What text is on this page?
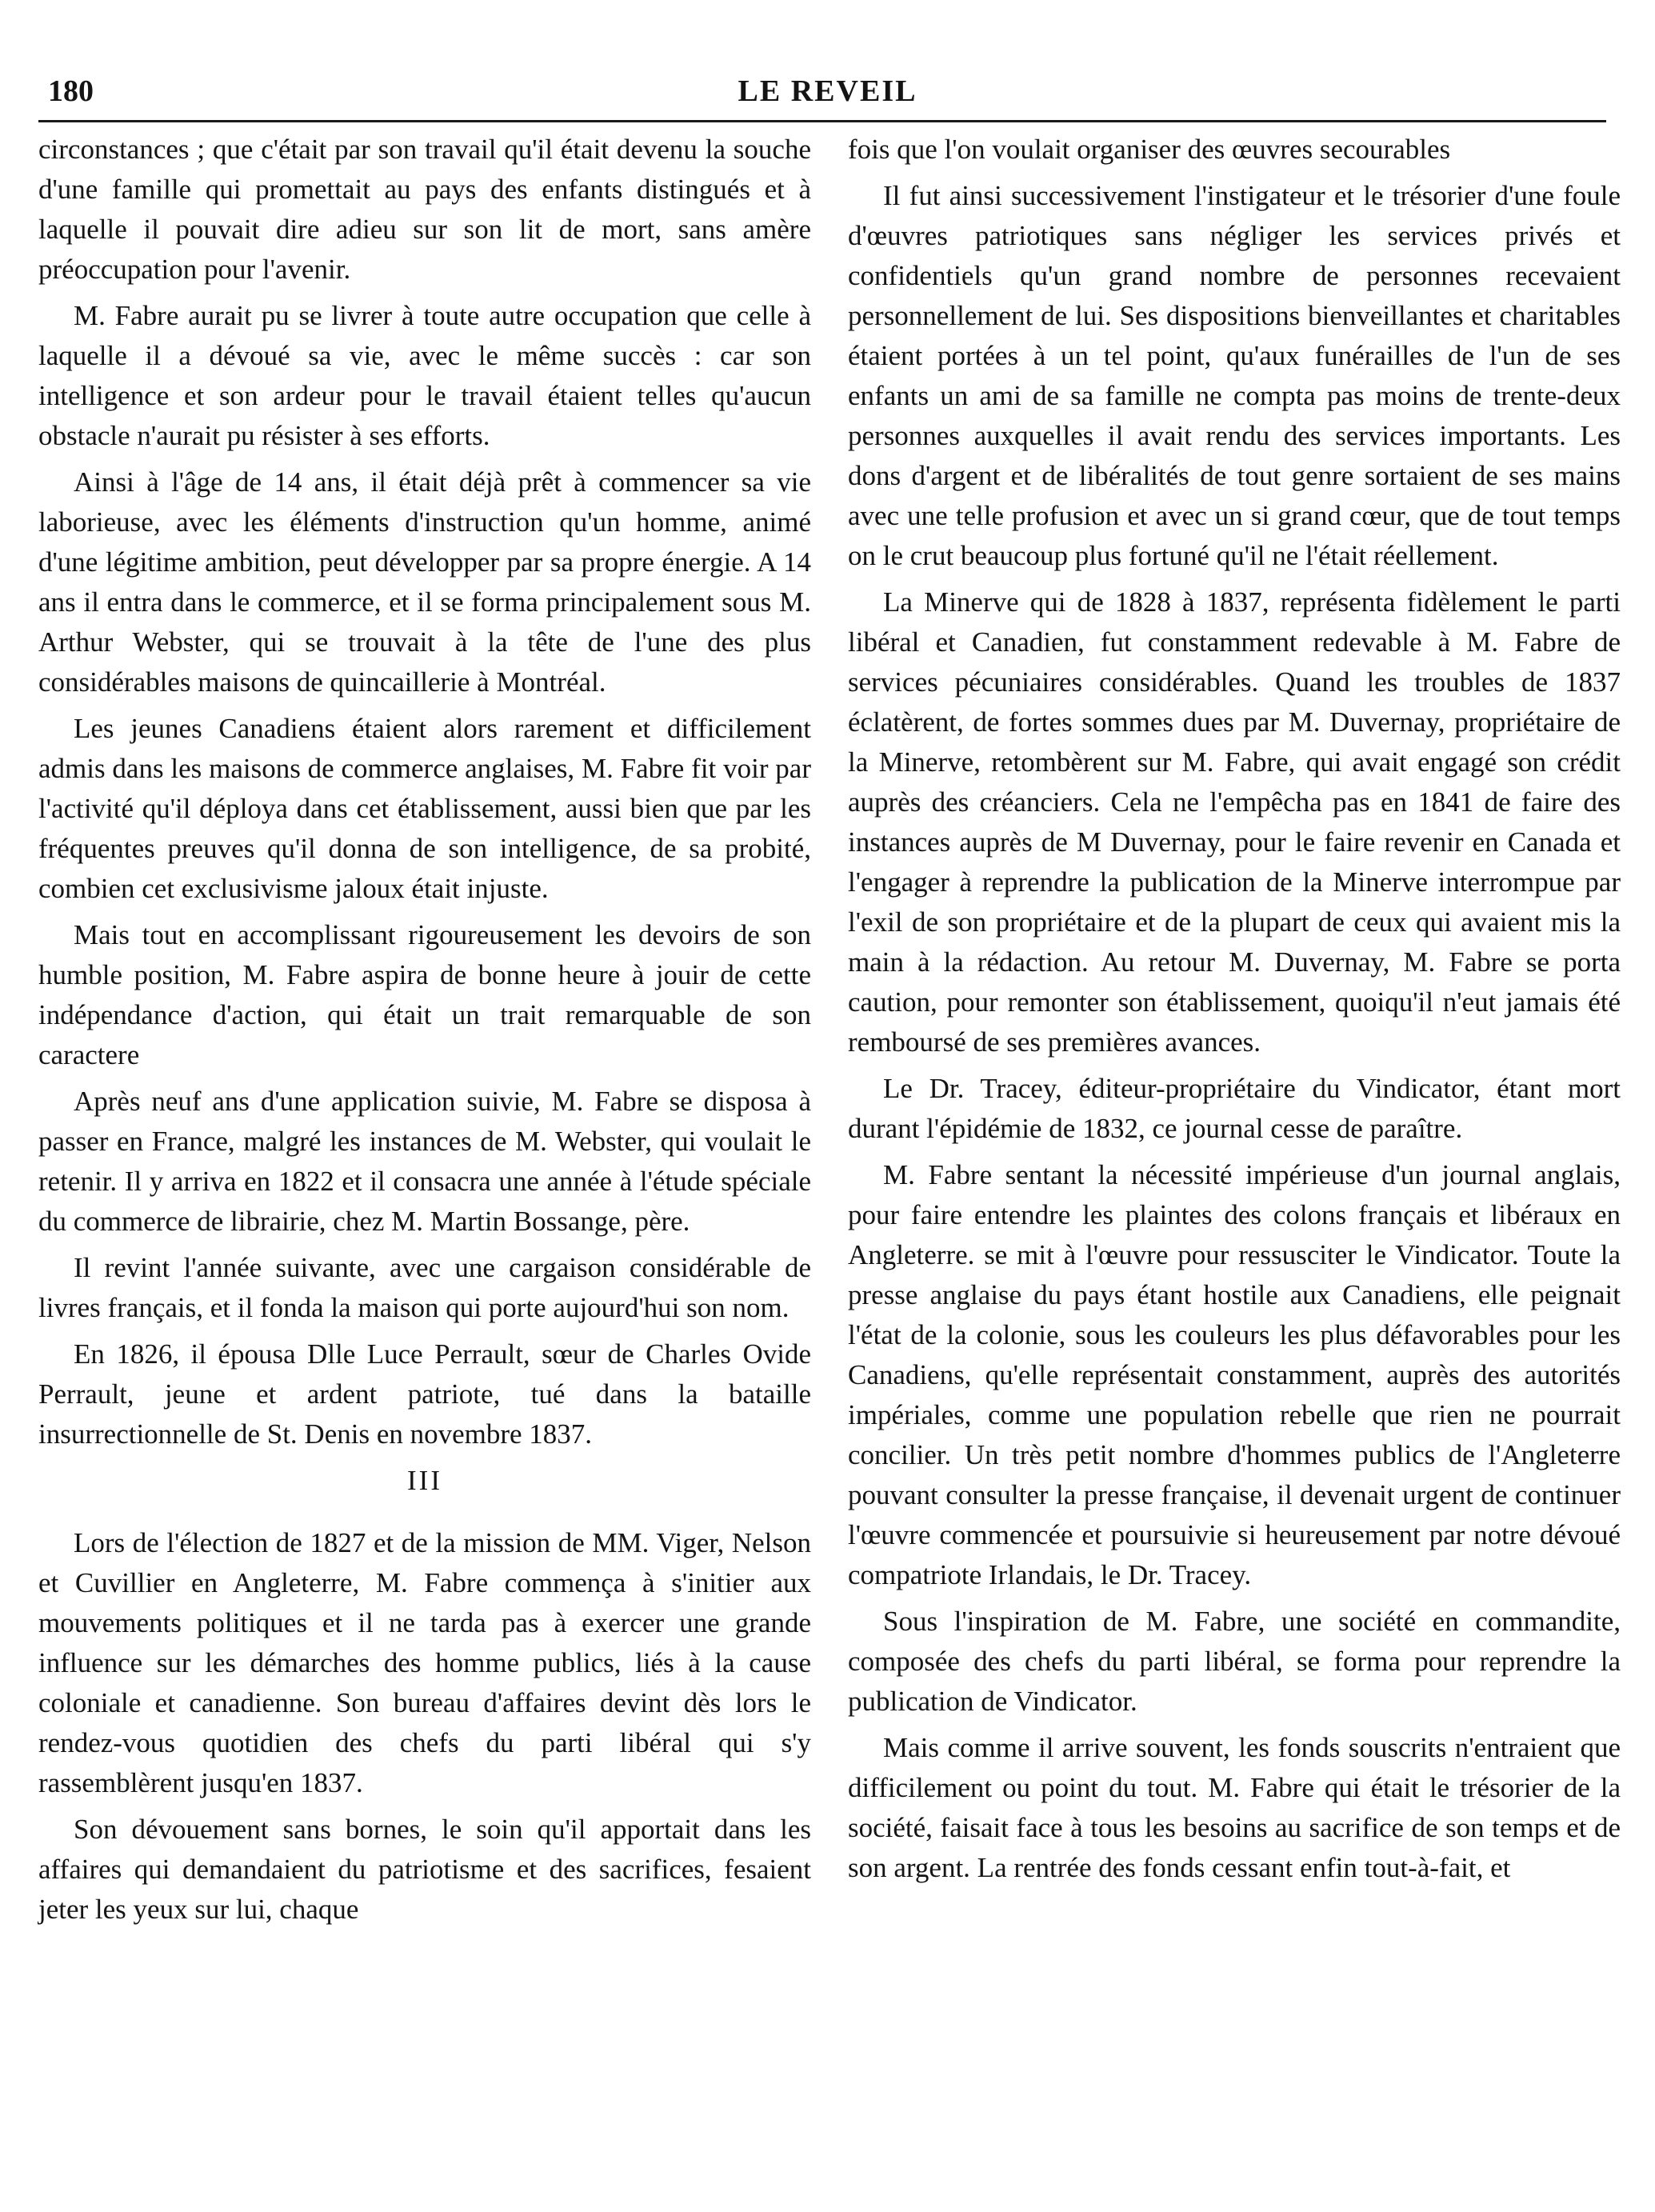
180	LE REVEIL

circonstances ; que c'était par son travail qu'il était devenu la souche d'une famille qui promettait au pays des enfants distingués et à laquelle il pouvait dire adieu sur son lit de mort, sans amère préoccupation pour l'avenir.

M. Fabre aurait pu se livrer à toute autre occupation que celle à laquelle il a dévoué sa vie, avec le même succès : car son intelligence et son ardeur pour le travail étaient telles qu'aucun obstacle n'aurait pu résister à ses efforts.

Ainsi à l'âge de 14 ans, il était déjà prêt à commencer sa vie laborieuse, avec les éléments d'instruction qu'un homme, animé d'une légitime ambition, peut développer par sa propre énergie. A 14 ans il entra dans le commerce, et il se forma principalement sous M. Arthur Webster, qui se trouvait à la tête de l'une des plus considérables maisons de quincaillerie à Montréal.

Les jeunes Canadiens étaient alors rarement et difficilement admis dans les maisons de commerce anglaises, M. Fabre fit voir par l'activité qu'il déploya dans cet établissement, aussi bien que par les fréquentes preuves qu'il donna de son intelligence, de sa probité, combien cet exclusivisme jaloux était injuste.

Mais tout en accomplissant rigoureusement les devoirs de son humble position, M. Fabre aspira de bonne heure à jouir de cette indépendance d'action, qui était un trait remarquable de son caractere

Après neuf ans d'une application suivie, M. Fabre se disposa à passer en France, malgré les instances de M. Webster, qui voulait le retenir. Il y arriva en 1822 et il consacra une année à l'étude spéciale du commerce de librairie, chez M. Martin Bossange, père.

Il revint l'année suivante, avec une cargaison considérable de livres français, et il fonda la maison qui porte aujourd'hui son nom.

En 1826, il épousa Dlle Luce Perrault, sœur de Charles Ovide Perrault, jeune et ardent patriote, tué dans la bataille insurrectionnelle de St. Denis en novembre 1837.

III

Lors de l'élection de 1827 et de la mission de MM. Viger, Nelson et Cuvillier en Angleterre, M. Fabre commença à s'initier aux mouvements politiques et il ne tarda pas à exercer une grande influence sur les démarches des homme publics, liés à la cause coloniale et canadienne. Son bureau d'affaires devint dès lors le rendez-vous quotidien des chefs du parti libéral qui s'y rassemblèrent jusqu'en 1837.

Son dévouement sans bornes, le soin qu'il apportait dans les affaires qui demandaient du patriotisme et des sacrifices, fesaient jeter les yeux sur lui, chaque

fois que l'on voulait organiser des œuvres secourables

Il fut ainsi successivement l'instigateur et le trésorier d'une foule d'œuvres patriotiques sans négliger les services privés et confidentiels qu'un grand nombre de personnes recevaient personnellement de lui. Ses dispositions bienveillantes et charitables étaient portées à un tel point, qu'aux funérailles de l'un de ses enfants un ami de sa famille ne compta pas moins de trente-deux personnes auxquelles il avait rendu des services importants. Les dons d'argent et de libéralités de tout genre sortaient de ses mains avec une telle profusion et avec un si grand cœur, que de tout temps on le crut beaucoup plus fortuné qu'il ne l'était réellement.

La Minerve qui de 1828 à 1837, représenta fidèlement le parti libéral et Canadien, fut constamment redevable à M. Fabre de services pécuniaires considérables. Quand les troubles de 1837 éclatèrent, de fortes sommes dues par M. Duvernay, propriétaire de la Minerve, retombèrent sur M. Fabre, qui avait engagé son crédit auprès des créanciers. Cela ne l'empêcha pas en 1841 de faire des instances auprès de M Duvernay, pour le faire revenir en Canada et l'engager à reprendre la publication de la Minerve interrompue par l'exil de son propriétaire et de la plupart de ceux qui avaient mis la main à la rédaction. Au retour M. Duvernay, M. Fabre se porta caution, pour remonter son établissement, quoiqu'il n'eut jamais été remboursé de ses premières avances.

Le Dr. Tracey, éditeur-propriétaire du Vindicator, étant mort durant l'épidémie de 1832, ce journal cesse de paraître.

M. Fabre sentant la nécessité impérieuse d'un journal anglais, pour faire entendre les plaintes des colons français et libéraux en Angleterre. se mit à l'œuvre pour ressusciter le Vindicator. Toute la presse anglaise du pays étant hostile aux Canadiens, elle peignait l'état de la colonie, sous les couleurs les plus défavorables pour les Canadiens, qu'elle représentait constamment, auprès des autorités impériales, comme une population rebelle que rien ne pourrait concilier. Un très petit nombre d'hommes publics de l'Angleterre pouvant consulter la presse française, il devenait urgent de continuer l'œuvre commencée et poursuivie si heureusement par notre dévoué compatriote Irlandais, le Dr. Tracey.

Sous l'inspiration de M. Fabre, une société en commandite, composée des chefs du parti libéral, se forma pour reprendre la publication de Vindicator.

Mais comme il arrive souvent, les fonds souscrits n'entraient que difficilement ou point du tout. M. Fabre qui était le trésorier de la société, faisait face à tous les besoins au sacrifice de son temps et de son argent. La rentrée des fonds cessant enfin tout-à-fait, et
